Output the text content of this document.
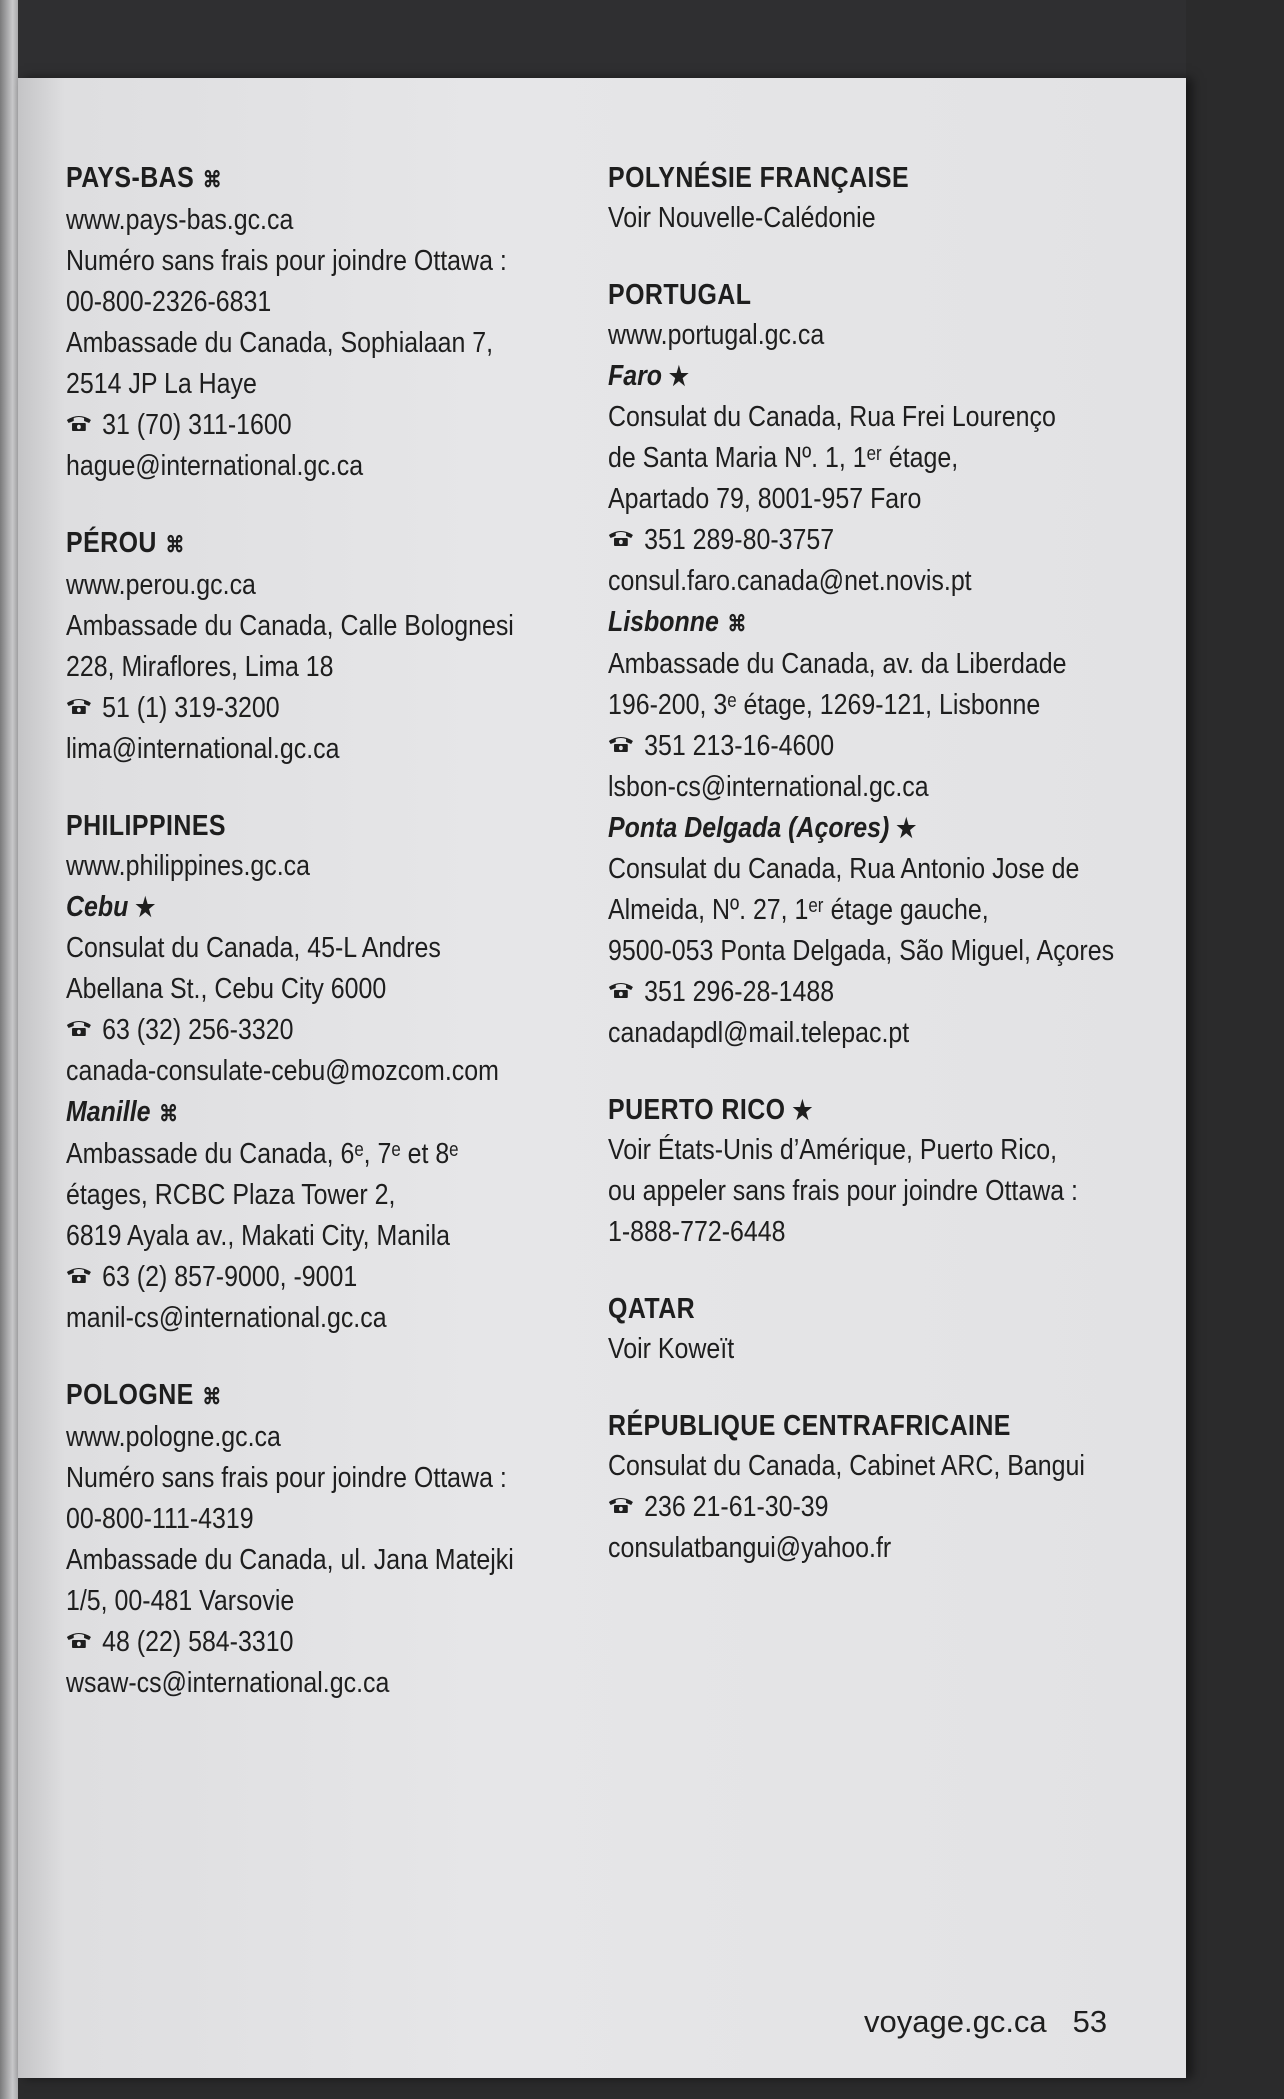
PAYS-BAS ⌘
www.pays-bas.gc.ca
Numéro sans frais pour joindre Ottawa :
00-800-2326-6831
Ambassade du Canada, Sophialaan 7,
2514 JP La Haye
31 (70) 311-1600
hague@international.gc.ca
PÉROU ⌘
www.perou.gc.ca
Ambassade du Canada, Calle Bolognesi
228, Miraflores, Lima 18
51 (1) 319-3200
lima@international.gc.ca
PHILIPPINES
www.philippines.gc.ca
Cebu ★
Consulat du Canada, 45-L Andres
Abellana St., Cebu City 6000
63 (32) 256-3320
canada-consulate-cebu@mozcom.com
Manille ⌘
Ambassade du Canada, 6ᵉ, 7ᵉ et 8ᵉ
étages, RCBC Plaza Tower 2,
6819 Ayala av., Makati City, Manila
63 (2) 857-9000, -9001
manil-cs@international.gc.ca
POLOGNE ⌘
www.pologne.gc.ca
Numéro sans frais pour joindre Ottawa :
00-800-111-4319
Ambassade du Canada, ul. Jana Matejki
1/5, 00-481 Varsovie
48 (22) 584-3310
wsaw-cs@international.gc.ca
POLYNÉSIE FRANÇAISE
Voir Nouvelle-Calédonie
PORTUGAL
www.portugal.gc.ca
Faro ★
Consulat du Canada, Rua Frei Lourenço
de Santa Maria Nº. 1, 1ᵉʳ étage,
Apartado 79, 8001-957 Faro
351 289-80-3757
consul.faro.canada@net.novis.pt
Lisbonne ⌘
Ambassade du Canada, av. da Liberdade
196-200, 3ᵉ étage, 1269-121, Lisbonne
351 213-16-4600
lsbon-cs@international.gc.ca
Ponta Delgada (Açores) ★
Consulat du Canada, Rua Antonio Jose de
Almeida, Nº. 27, 1ᵉʳ étage gauche,
9500-053 Ponta Delgada, São Miguel, Açores
351 296-28-1488
canadapdl@mail.telepac.pt
PUERTO RICO ★
Voir États-Unis d’Amérique, Puerto Rico,
ou appeler sans frais pour joindre Ottawa :
1-888-772-6448
QATAR
Voir Koweït
RÉPUBLIQUE CENTRAFRICAINE
Consulat du Canada, Cabinet ARC, Bangui
236 21-61-30-39
consulatbangui@yahoo.fr
voyage.gc.ca 53
